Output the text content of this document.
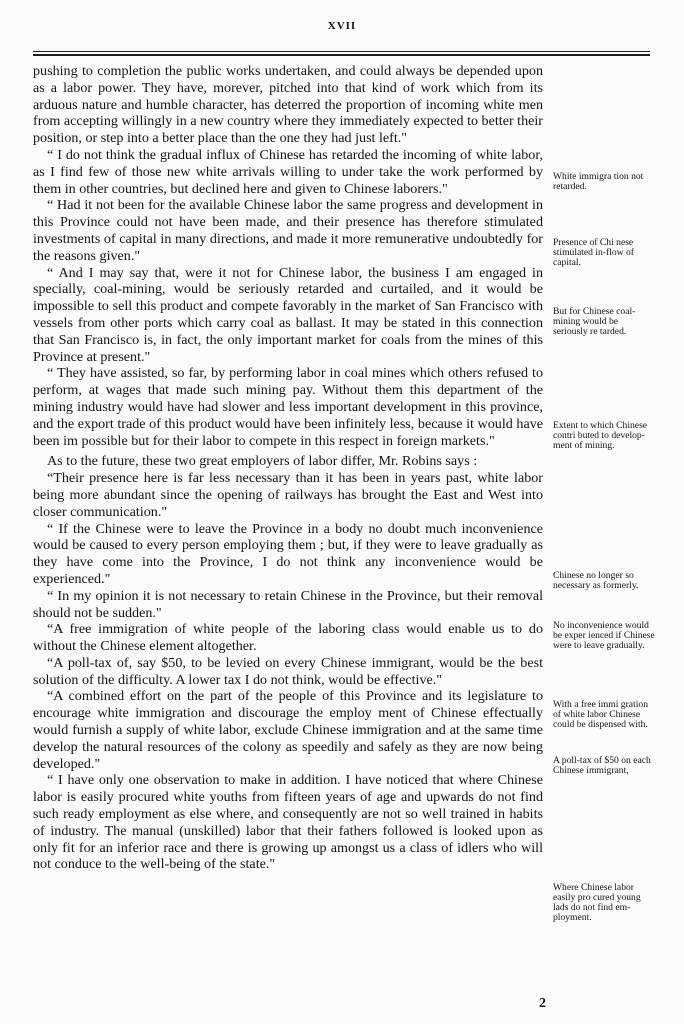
XVII

pushing to completion the public works undertaken, and could always be depended upon as a labor power. They have, morever, pitched into that kind of work which from its arduous nature and humble character, has deterred the proportion of incoming white men from accepting willingly in a new country where they immediately expected to better their position, or step into a better place than the one they had just left."

“ I do not think the gradual influx of Chinese has retarded the incoming of white labor, as I find few of those new white arrivals willing to under take the work performed by them in other countries, but declined here and given to Chinese laborers."

“ Had it not been for the available Chinese labor the same progress and development in this Province could not have been made, and their presence has therefore stimulated investments of capital in many directions, and made it more remunerative undoubtedly for the reasons given."

“ And I may say that, were it not for Chinese labor, the business I am engaged in specially, coal-mining, would be seriously retarded and curtailed, and it would be impossible to sell this product and compete favorably in the market of San Francisco with vessels from other ports which carry coal as ballast. It may be stated in this connection that San Francisco is, in fact, the only important market for coals from the mines of this Province at present."

“ They have assisted, so far, by performing labor in coal mines which others refused to perform, at wages that made such mining pay. Without them this department of the mining industry would have had slower and less important development in this province, and the export trade of this product would have been infinitely less, because it would have been im possible but for their labor to compete in this respect in foreign markets."

As to the future, these two great employers of labor differ, Mr. Robins says :

“Their presence here is far less necessary than it has been in years past, white labor being more abundant since the opening of railways has brought the East and West into closer communication."

“ If the Chinese were to leave the Province in a body no doubt much inconvenience would be caused to every person employing them ; but, if they were to leave gradually as they have come into the Province, I do not think any inconvenience would be experienced."

“ In my opinion it is not necessary to retain Chinese in the Province, but their removal should not be sudden."

“A free immigration of white people of the laboring class would enable us to do without the Chinese element altogether.

“A poll-tax of, say $50, to be levied on every Chinese immigrant, would be the best solution of the difficulty. A lower tax I do not think, would be effective."

“A combined effort on the part of the people of this Province and its legislature to encourage white immigration and discourage the employ ment of Chinese effectually would furnish a supply of white labor, exclude Chinese immigration and at the same time develop the natural resources of the colony as speedily and safely as they are now being developed."

“ I have only one observation to make in addition. I have noticed that where Chinese labor is easily procured white youths from fifteen years of age and upwards do not find such ready employment as else where, and consequently are not so well trained in habits of industry. The manual (unskilled) labor that their fathers followed is looked upon as only fit for an inferior race and there is growing up amongst us a class of idlers who will not conduce to the well-being of the state."

White immigra tion not retarded.
Presence of Chi nese stimulated in-flow of capital.
But for Chinese coal-mining would be seriously re tarded.
Extent to which Chinese contri buted to develop ment of mining.
Chinese no longer so necessary as formerly.
No inconvenience would be exper ienced if Chinese were to leave gradually.
With a free immi gration of white labor Chinese could be dispensed with.
A poll-tax of $50 on each Chinese immigrant,
Where Chinese labor easily pro cured young lads do not find em ployment.
2
